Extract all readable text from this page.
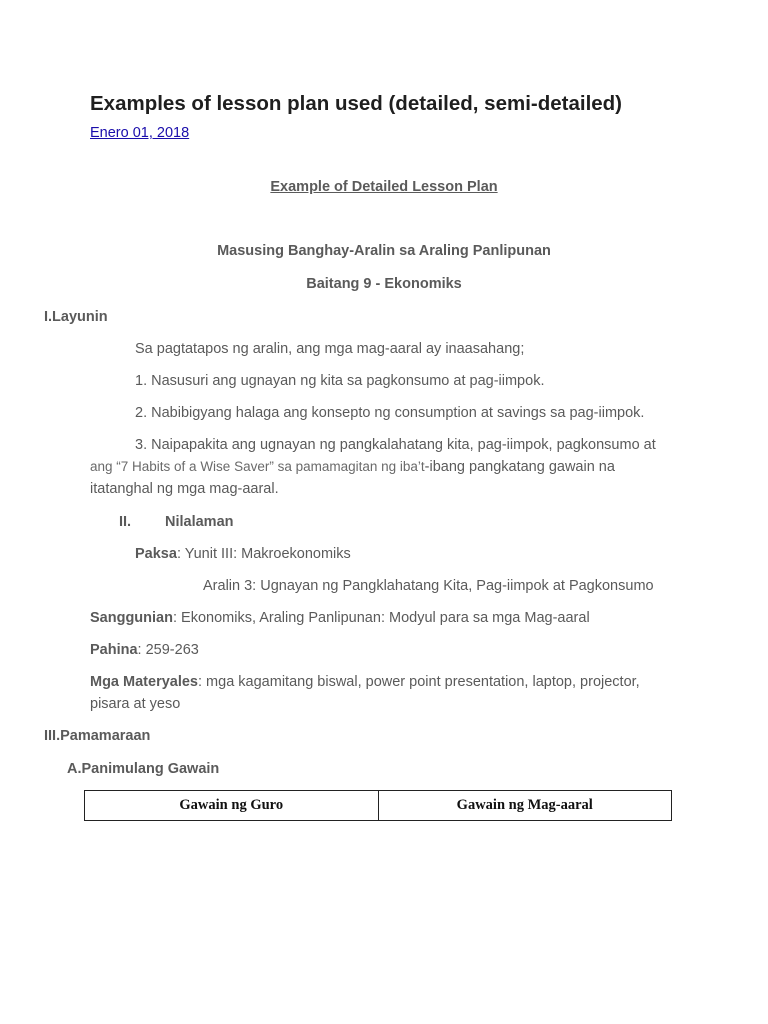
Examples of lesson plan used (detailed, semi-detailed)
Enero 01, 2018
Example of Detailed Lesson Plan
Masusing Banghay-Aralin sa Araling Panlipunan
Baitang 9 - Ekonomiks
I.Layunin
Sa pagtatapos ng aralin, ang mga mag-aaral ay inaasahang;
1. Nasusuri ang ugnayan ng kita sa pagkonsumo at pag-iimpok.
2. Nabibigyang halaga ang konsepto ng consumption at savings sa pag-iimpok.
3. Naipapakita ang ugnayan ng pangkalahatang kita, pag-iimpok, pagkonsumo at
ang “7 Habits of a Wise Saver” sa pamamagitan ng iba’t-ibang pangkatang gawain na
itatanghal ng mga mag-aaral.
II. Nilalaman
Paksa: Yunit III: Makroekonomiks
Aralin 3: Ugnayan ng Pangklahatang Kita, Pag-iimpok at Pagkonsumo
Sanggunian: Ekonomiks, Araling Panlipunan: Modyul para sa mga Mag-aaral
Pahina: 259-263
Mga Materyales: mga kagamitang biswal, power point presentation, laptop, projector,
pisara at yeso
III.Pamamaraan
A.Panimulang Gawain
Gawain ng Guro	Gawain ng Mag-aaral
